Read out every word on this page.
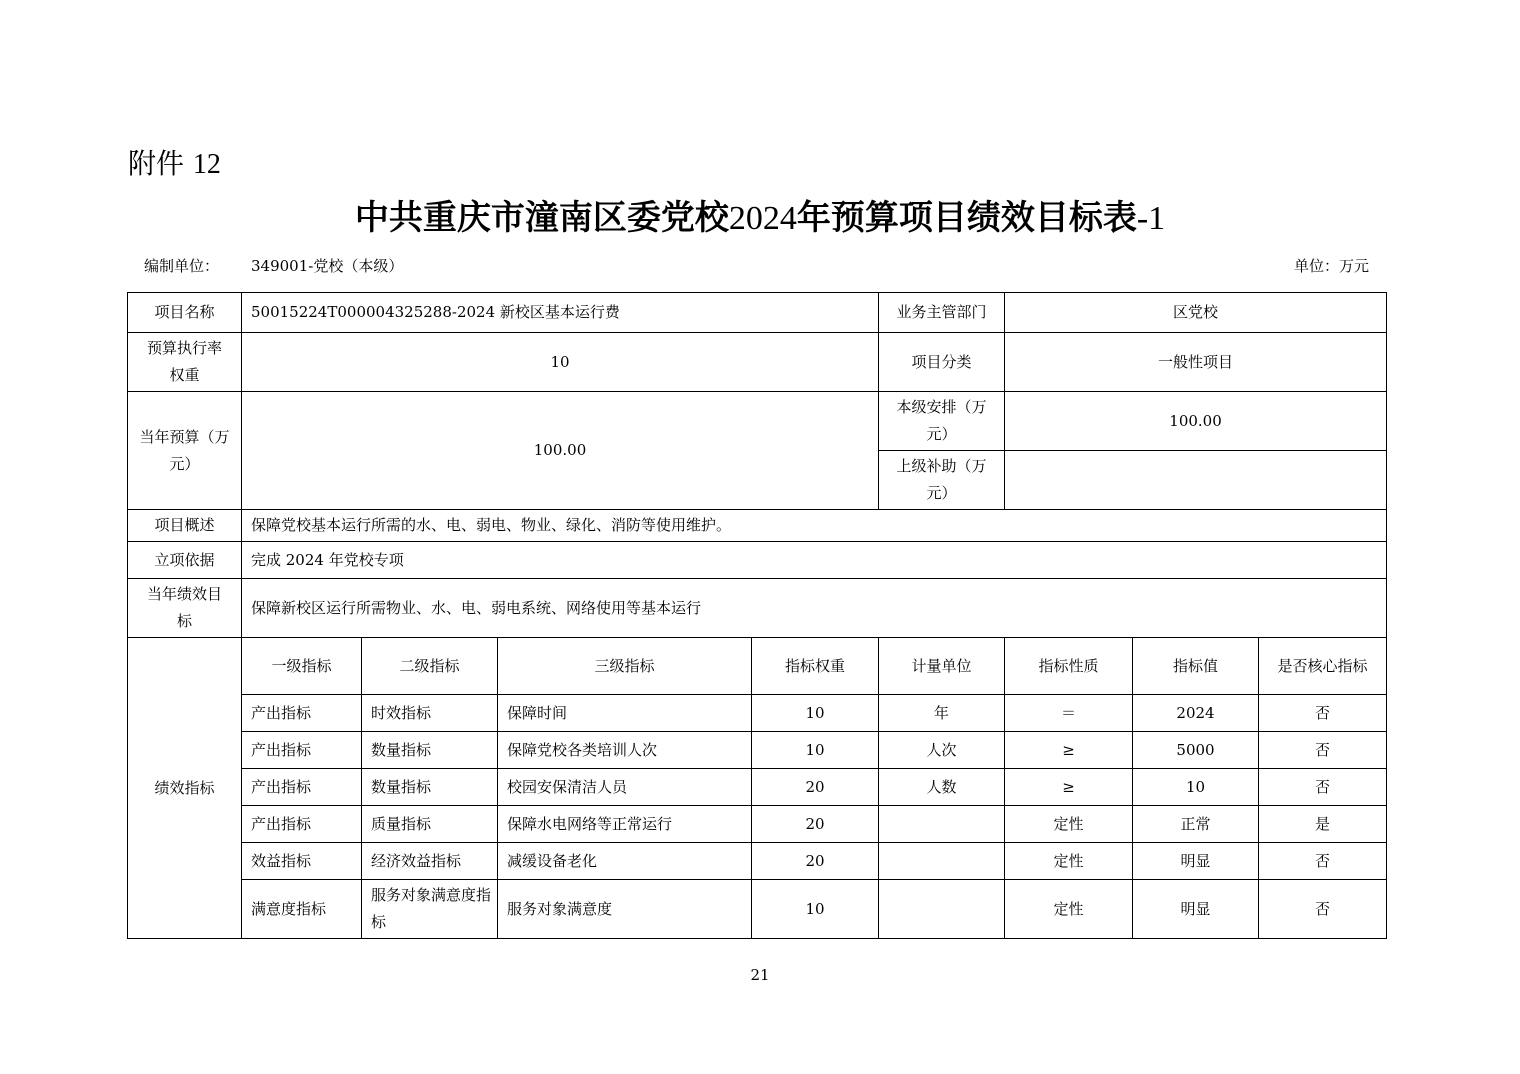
附件 12
中共重庆市潼南区委党校2024年预算项目绩效目标表-1
编制单位： 349001-党校（本级）	单位：万元
项目名称	50015224T000004325288-2024 新校区基本运行费				业务主管部门	区党校		
预算执行率
权重	10				项目分类	一般性项目		
当年预算（万
元）	100.00				本级安排（万
元）	100.00		
					上级补助（万
元）			
项目概述	保障党校基本运行所需的水、电、弱电、物业、绿化、消防等使用维护。							
立项依据	完成 2024 年党校专项							
当年绩效目
标	保障新校区运行所需物业、水、电、弱电系统、网络使用等基本运行							
绩效指标	一级指标	二级指标	三级指标	指标权重	计量单位	指标性质	指标值	是否核心指标
	产出指标	时效指标	保障时间	10	年	＝	2024	否
	产出指标	数量指标	保障党校各类培训人次	10	人次	≥	5000	否
	产出指标	数量指标	校园安保清洁人员	20	人数	≥	10	否
	产出指标	质量指标	保障水电网络等正常运行	20		定性	正常	是
	效益指标	经济效益指标	减缓设备老化	20		定性	明显	否
	满意度指标	服务对象满意度指标	服务对象满意度	10		定性	明显	否
21
